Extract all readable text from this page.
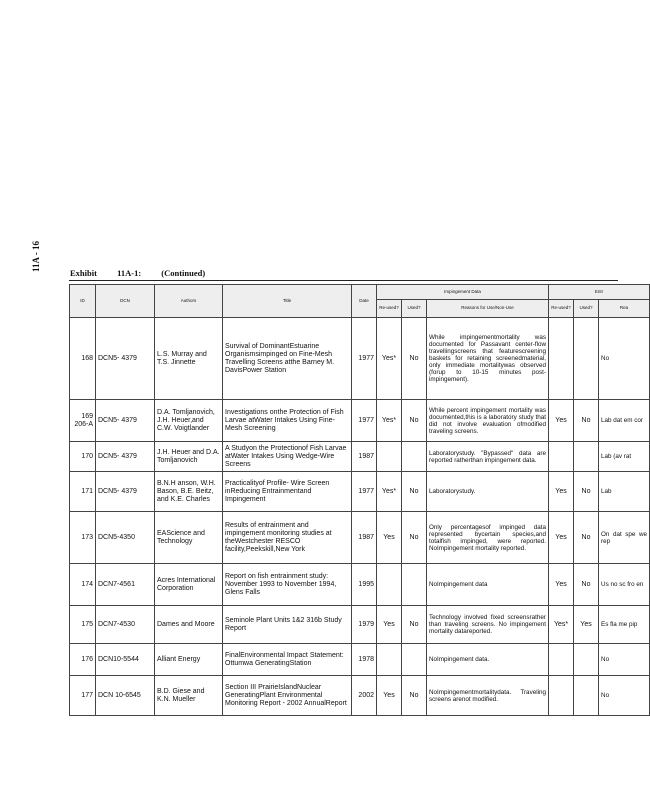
11A - 16
Exhibit 11A-1: (Continued)
ID	DCN	Authors	Title	Date	Impingement Data			Entr		
					Re-used?	Used?	Reasons for Use/Non-Use	Re-used?	Used?	Rea
168	DCN5- 4379	L.S. Murray and T.S. Jinnette	Survival of DominantEstuarine Organismsimpinged on Fine-Mesh Travelling Screens atthe Barney M. DavisPower Station	1977	Yes*	No	While impingementmortality was documented for Passavant center-flow travellingscreens that featurescreening baskets for retaining screenedmaterial, only immediate mortalitywas observed (forup to 10-15 minutes post-impingement).			No
169 206-A	DCN5- 4379	D.A. Tomljanovich, J.H. Heuer,and C.W. Voigtlander	Investigations onthe Protection of Fish Larvae atWater Intakes Using Fine-Mesh Screening	1977	Yes*	No	While percent impingement mortality was documented,this is a laboratory study that did not involve evaluation ofmodified traveling screens.	Yes	No	Lab dat em cor
170	DCN5- 4379	J.H. Heuer and D.A. Tomljanovich	A Studyon the Protectionof Fish Larvae atWater Intakes Using Wedge-Wire Screens	1987			Laboratorystudy. "Bypassed" data are reported ratherthan impingement data.			Lab (av rat
171	DCN5- 4379	B.N.H anson, W.H. Bason, B.E. Beitz, and K.E. Charles	Practicalityof Profile- Wire Screen inReducing Entrainmentand Impingement	1977	Yes*	No	Laboratorystudy.	Yes	No	Lab
173	DCN5-4350	EAScience and Technology	Results of entrainment and impingement monitoring studies at theWestchester RESCO facility,Peekskill,New York	1987	Yes	No	Only percentagesof impinged data represented bycertain species,and totalfish impinged, were reported. NoImpingement mortality reported.	Yes	No	On dat spe we rep
174	DCN7-4561	Acres International Corporation	Report on fish entrainment study: November 1993 to November 1994, Glens Falls	1995			NoImpingement data	Yes	No	Us no sc fro en
175	DCN7-4530	Dames and Moore	Seminole Plant Units 1&2 316b Study Report	1979	Yes	No	Technology involved fixed screensrather than traveling screens. No impingement mortality datareported.	Yes*	Yes	Es fla me pip
176	DCN10-5544	Alliant Energy	FinalEnvironmental Impact Statement: Ottumwa GeneratingStation	1978			NoImpingement data.			No
177	DCN 10-6545	B.D. Giese and K.N. Mueller	Section III PrairieIslandNuclear GeneratingPlant Environmental Monitoring Report - 2002 AnnualReport	2002	Yes	No	NoImpingementmortalitydata. Traveling screens arenot modified.			No
